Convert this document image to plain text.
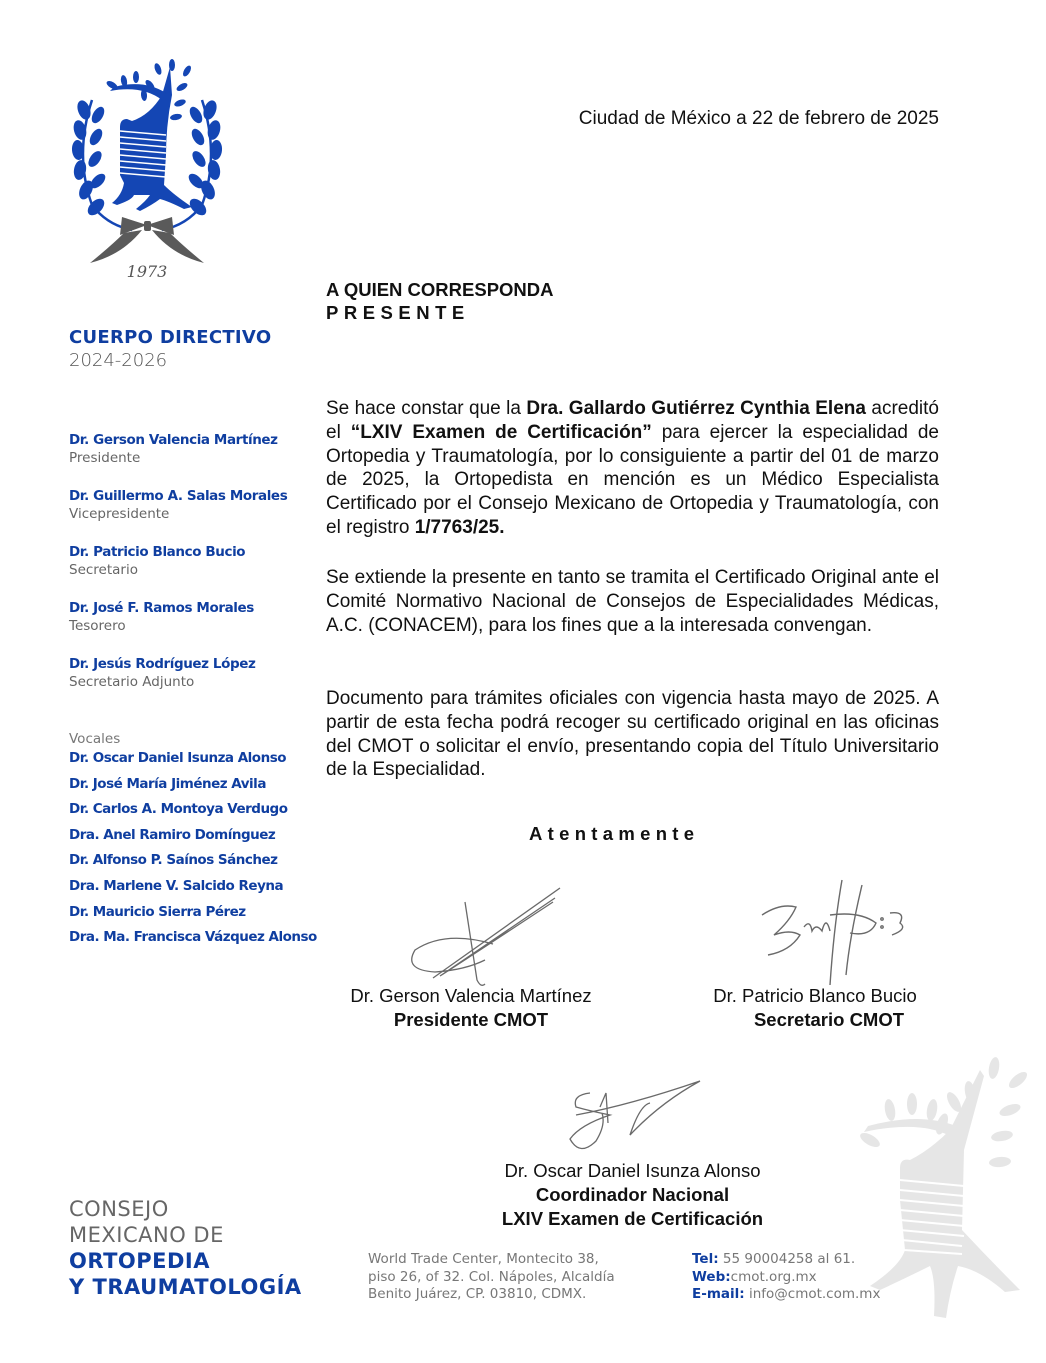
1973
CUERPO DIRECTIVO
2024-2026
Dr. Gerson Valencia Martínez
Presidente
Dr. Guillermo A. Salas Morales
Vicepresidente
Dr. Patricio Blanco Bucio
Secretario
Dr. José F. Ramos Morales
Tesorero
Dr. Jesús Rodríguez López
Secretario Adjunto
Vocales
Dr. Oscar Daniel Isunza Alonso
Dr. José María Jiménez Avila
Dr. Carlos A. Montoya Verdugo
Dra. Anel Ramiro Domínguez
Dr. Alfonso P. Saínos Sánchez
Dra. Marlene V. Salcido Reyna
Dr. Mauricio Sierra Pérez
Dra. Ma. Francisca Vázquez Alonso
Ciudad de México a 22 de febrero de 2025
A QUIEN CORRESPONDA
PRESENTE
Se hace constar que la Dra. Gallardo Gutiérrez Cynthia Elena acreditó el “LXIV Examen de Certificación” para ejercer la especialidad de Ortopedia y Traumatología, por lo consiguiente a partir del 01 de marzo de 2025, la Ortopedista en mención es un Médico Especialista Certificado por el Consejo Mexicano de Ortopedia y Traumatología, con el registro 1/7763/25.
Se extiende la presente en tanto se tramita el Certificado Original ante el Comité Normativo Nacional de Consejos de Especialidades Médicas, A.C. (CONACEM), para los fines que a la interesada convengan.
Documento para trámites oficiales con vigencia hasta mayo de 2025. A partir de esta fecha podrá recoger su certificado original en las oficinas del CMOT o solicitar el envío, presentando copia del Título Universitario de la Especialidad.
Atentamente
Dr. Gerson Valencia Martínez
Presidente CMOT
Dr. Patricio Blanco Bucio
Secretario CMOT
Dr. Oscar Daniel Isunza Alonso
Coordinador Nacional
LXIV Examen de Certificación
CONSEJO
MEXICANO DE
ORTOPEDIA
Y TRAUMATOLOGÍA
World Trade Center, Montecito 38,
piso 26, of 32. Col. Nápoles, Alcaldía
Benito Juárez, CP. 03810, CDMX.
Tel: 55 90004258 al 61.
Web:cmot.org.mx
E-mail: info@cmot.com.mx
